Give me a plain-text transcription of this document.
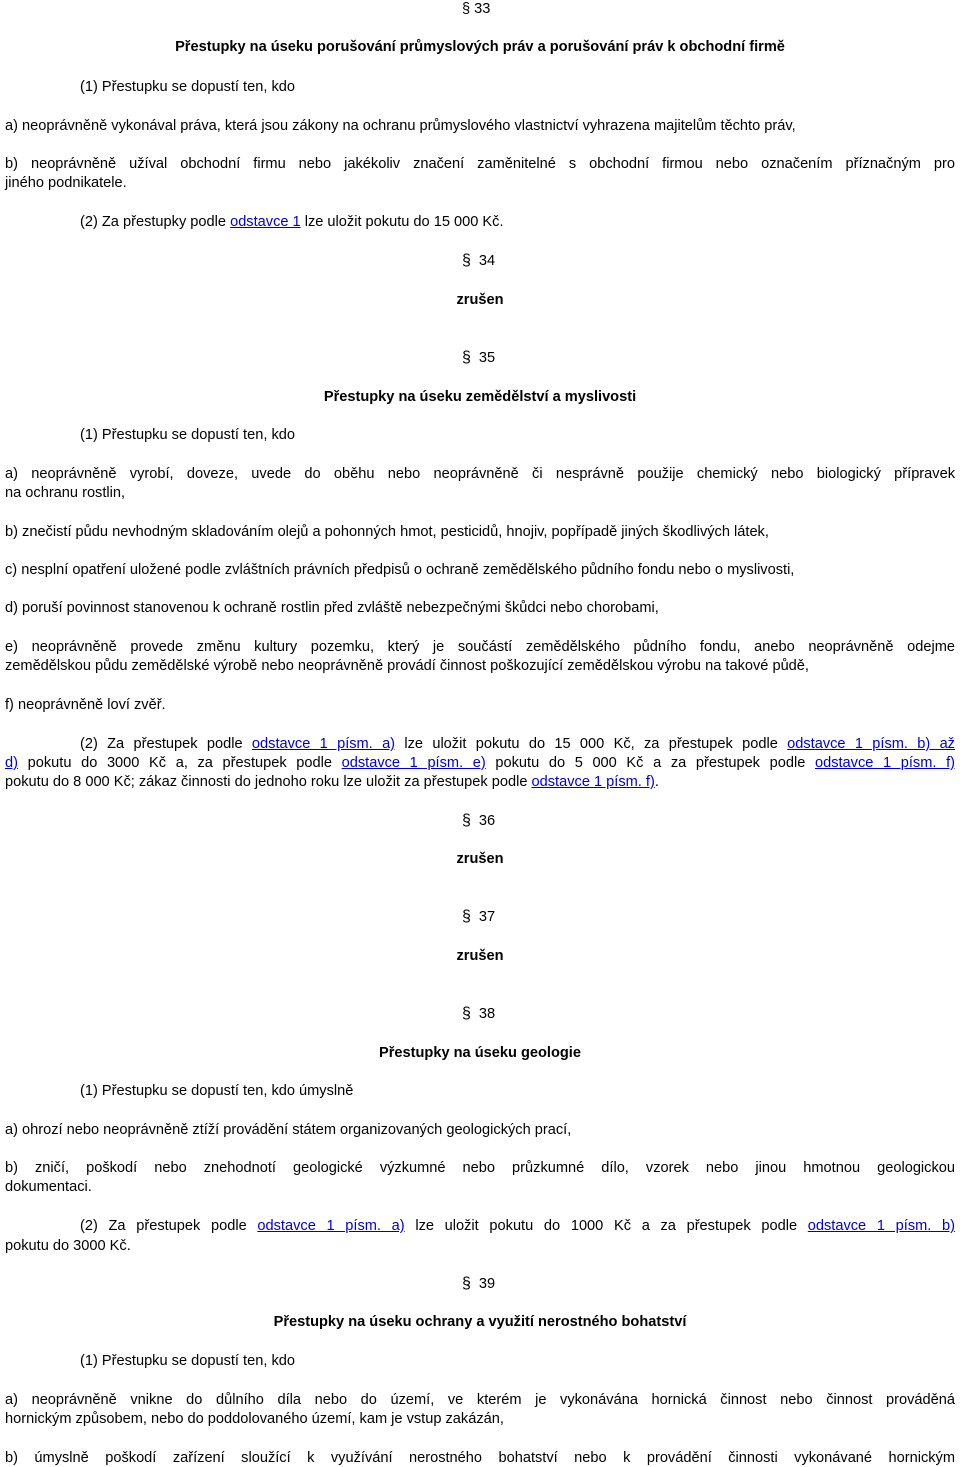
§ 33
Přestupky na úseku porušování průmyslových práv a porušování práv k obchodní firmě
(1) Přestupku se dopustí ten, kdo
a) neoprávněně vykonával práva, která jsou zákony na ochranu průmyslového vlastnictví vyhrazena majitelům těchto práv,
b) neoprávněně užíval obchodní firmu nebo jakékoliv značení zaměnitelné s obchodní firmou nebo označením příznačným pro
jiného podnikatele.
(2) Za přestupky podle odstavce 1 lze uložit pokutu do 15 000 Kč.
§ 34
zrušen
§ 35
Přestupky na úseku zemědělství a myslivosti
(1) Přestupku se dopustí ten, kdo
a) neoprávněně vyrobí, doveze, uvede do oběhu nebo neoprávněně či nesprávně použije chemický nebo biologický přípravek
na ochranu rostlin,
b) znečistí půdu nevhodným skladováním olejů a pohonných hmot, pesticidů, hnojiv, popřípadě jiných škodlivých látek,
c) nesplní opatření uložené podle zvláštních právních předpisů o ochraně zemědělského půdního fondu nebo o myslivosti,
d) poruší povinnost stanovenou k ochraně rostlin před zvláště nebezpečnými škůdci nebo chorobami,
e) neoprávněně provede změnu kultury pozemku, který je součástí zemědělského půdního fondu, anebo neoprávněně odejme
zemědělskou půdu zemědělské výrobě nebo neoprávněně provádí činnost poškozující zemědělskou výrobu na takové půdě,
f) neoprávněně loví zvěř.
(2) Za přestupek podle odstavce 1 písm. a) lze uložit pokutu do 15 000 Kč, za přestupek podle odstavce 1 písm. b) až
d) pokutu do 3000 Kč a, za přestupek podle odstavce 1 písm. e) pokutu do 5 000 Kč a za přestupek podle odstavce 1 písm. f)
pokutu do 8 000 Kč; zákaz činnosti do jednoho roku lze uložit za přestupek podle odstavce 1 písm. f).
§ 36
zrušen
§ 37
zrušen
§ 38
Přestupky na úseku geologie
(1) Přestupku se dopustí ten, kdo úmyslně
a) ohrozí nebo neoprávněně ztíží provádění státem organizovaných geologických prací,
b) zničí, poškodí nebo znehodnotí geologické výzkumné nebo průzkumné dílo, vzorek nebo jinou hmotnou geologickou
dokumentaci.
(2) Za přestupek podle odstavce 1 písm. a) lze uložit pokutu do 1000 Kč a za přestupek podle odstavce 1 písm. b)
pokutu do 3000 Kč.
§ 39
Přestupky na úseku ochrany a využití nerostného bohatství
(1) Přestupku se dopustí ten, kdo
a) neoprávněně vnikne do důlního díla nebo do území, ve kterém je vykonávána hornická činnost nebo činnost prováděná
hornickým způsobem, nebo do poddolovaného území, kam je vstup zakázán,
b) úmyslně poškodí zařízení sloužící k využívání nerostného bohatství nebo k provádění činnosti vykonávané hornickým
